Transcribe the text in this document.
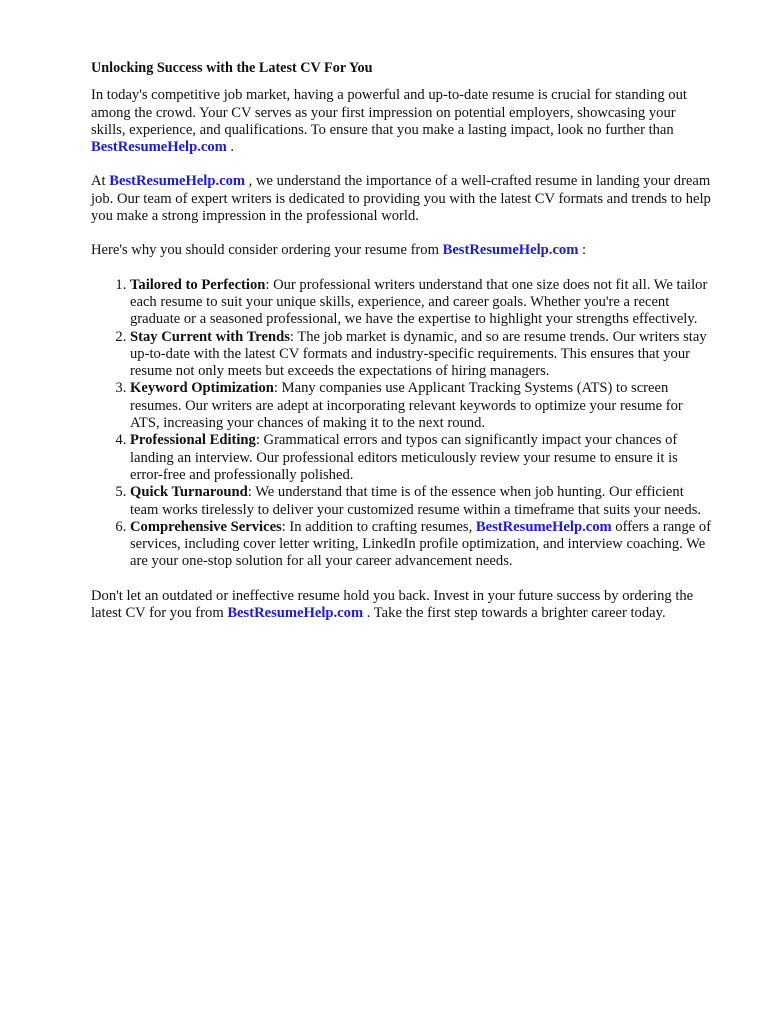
Unlocking Success with the Latest CV For You

In today's competitive job market, having a powerful and up-to-date resume is crucial for standing out among the crowd. Your CV serves as your first impression on potential employers, showcasing your skills, experience, and qualifications. To ensure that you make a lasting impact, look no further than BestResumeHelp.com .

At BestResumeHelp.com , we understand the importance of a well-crafted resume in landing your dream job. Our team of expert writers is dedicated to providing you with the latest CV formats and trends to help you make a strong impression in the professional world.

Here's why you should consider ordering your resume from BestResumeHelp.com :

1. Tailored to Perfection: Our professional writers understand that one size does not fit all. We tailor each resume to suit your unique skills, experience, and career goals. Whether you're a recent graduate or a seasoned professional, we have the expertise to highlight your strengths effectively.
2. Stay Current with Trends: The job market is dynamic, and so are resume trends. Our writers stay up-to-date with the latest CV formats and industry-specific requirements. This ensures that your resume not only meets but exceeds the expectations of hiring managers.
3. Keyword Optimization: Many companies use Applicant Tracking Systems (ATS) to screen resumes. Our writers are adept at incorporating relevant keywords to optimize your resume for ATS, increasing your chances of making it to the next round.
4. Professional Editing: Grammatical errors and typos can significantly impact your chances of landing an interview. Our professional editors meticulously review your resume to ensure it is error-free and professionally polished.
5. Quick Turnaround: We understand that time is of the essence when job hunting. Our efficient team works tirelessly to deliver your customized resume within a timeframe that suits your needs.
6. Comprehensive Services: In addition to crafting resumes, BestResumeHelp.com offers a range of services, including cover letter writing, LinkedIn profile optimization, and interview coaching. We are your one-stop solution for all your career advancement needs.

Don't let an outdated or ineffective resume hold you back. Invest in your future success by ordering the latest CV for you from BestResumeHelp.com . Take the first step towards a brighter career today.
